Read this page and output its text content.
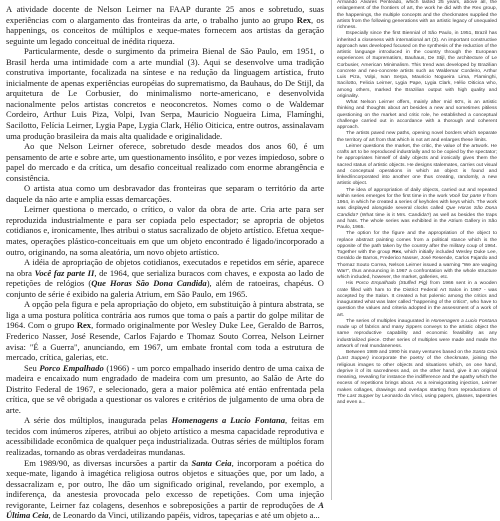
A atividade docente de Nelson Leirner na FAAP durante 25 anos e sobretudo, suas experiências com o alargamento das fronteiras da arte, o trabalho junto ao grupo Rex, os happenings, os conceitos de múltiplos e xeque-mates fornecem aos artistas da geração seguinte um legado conceitual de inédita riqueza.

Particularmente, desde o surgimento da primeira Bienal de São Paulo, em 1951, o Brasil herda uma intimidade com a arte mundial (3). Aqui se desenvolve uma tradição construtiva importante, focalizada na síntese e na redução da linguagem artística, fruto inicialmente de apenas experiências européias do suprematismo, da Bauhaus, do De Stijl, da arquitetura de Le Corbusier, do minimalismo norte-americano, e desenvolvida nacionalmente pelos artistas concretos e neoconcretos. Nomes como o de Waldemar Cordeiro, Arthur Luis Piza, Volpi, Ivan Serpa, Mauricio Nogueira Lima, Flamínghi, Sacilotto, Felícia Leirner, Lygia Pape, Lygia Clark, Hélio Oiticica, entre outros, assinalavam uma produção brasileira da mais alta qualidade e originalidade.

Ao que Nelson Leirner oferece, sobretudo desde meados dos anos 60, é um pensamento de arte e sobre arte, um questionamento insólito, e por vezes impiedoso, sobre o papel do mercado e da crítica, um desafio conceitual realizado com enorme abrangência e consistência.

O artista atua como um desbravador das fronteiras que separam o território da arte daquele da não arte e amplia essas demarcações.

Leirner questiona o mercado, o crítico, o valor da obra de arte. Cria arte para ser reproduzida industrialmente e para ser copiada pelo espectador; se apropria de objetos cotidianos e, ironicamente, lhes atribui o status sacralizado de objeto artístico. Efetua xeque-mates, operações plástico-conceituais em que um objeto encontrado é ligado/incorporado a outro, originando, na soma aleatória, um novo objeto artístico.

A idéia de apropriação de objetos cotidianos, executados e repetidos em série, aparece na obra Você faz parte II, de 1964, que serializa buracos com chaves, e exposta ao lado de repetições de relógios (Que Horas São Dona Candida), além de ratoeiras, chapéus. O conjunto de série é exibido na galeria Atrium, em São Paulo, em 1965.

A opção pela figura e pela apropriação do objeto, em substituição à pintura abstrata, se liga a uma postura política contrária aos rumos que toma o país a partir do golpe militar de 1964. Com o grupo Rex, formado originalmente por Wesley Duke Lee, Geraldo de Barros, Frederico Nasser, José Resende, Carlos Fajardo e Thomaz Souto Correa, Nelson Leirner avisa: "É a Guerra", anunciando, em 1967, um embate frontal com toda a estrutura de mercado, crítica, galerias, etc.

Seu Porco Empalhado (1966) - um porco empalhado inserido dentro de uma caixa de madeira e encaixado num engradado de madeira com um presunto, ao Salão de Arte do Distrito Federal de 1967, e selecionado, gera a maior polêmica até então enfrentada pela crítica, que se vê obrigada a questionar os valores e critérios de julgamento de uma obra de arte.

A série dos múltiplos, inaugurada pelas Homenagens a Lucio Fontana, feitas em tecidos com inúmeros zíperes, atribui ao objeto artístico a mesma capacidade reprodutiva e acessibilidade econômica de qualquer peça industrializada. Outras séries de múltiplos foram realizadas, tornando as obras verdadeiras mundanas.

Em 1989/90, as diversas incursões a partir da Santa Ceia, incorporam a poética do xeque-mate, ligando à imagética religiosa outros objetos e situações que, por um lado, a dessacralizam e, por outro, lhe dão um significado original, revelando, por exemplo, a indiferença, da anestesia provocada pelo excesso de repetições. Com uma injeção revigorante, Leirner faz colagens, desenhos e sobreposições a partir de reproduções de A Última Ceia, de Leonardo da Vinci, utilizando papéis, vidros, tapeçarias e até um objeto a...

Armando Álvares Penteado, which lasted 25 years, above all, the enlargement of the frontiers of art, the work he did with the Rex group, the happenings, the multiple concepts and the checkmates supplied the artists from the following generations with an artistic legacy of unequaled richness.

Especially since the first Biennial of São Paulo, in 1951, Brazil has inherited a closeness with international art (3). An important constructive approach was developed focused on the synthesis of the reduction of the artistic language introduced in the country through the European experiences of Suprematism, Bauhaus, De Stijl, the architecture of Le Corbusier, American Minimalism. This trend was developed by Brazilian concrete and neo-concrete artists such as Waldemar Cordeiro, Arthur Luis Piza, Volpi, Ivan Serpa, Mauricio Nogueira Lima, Flaminghi, Sacilotto, Felicia Leirner, Lygia Pape, Lygia Clark, Hélio Oiticica who, among others, marked the Brazilian output with high quality and originality.

What Nelson Leirner offers, mainly after mid 60's, is an artistic thinking and thoughts about art besides a new and sometimes pitiless questioning on the market and critic role, he established a conceptual challenge carried out in accordance with a thorough and coherent approach.

The artists paved new paths, opening novel borders which separate the territory of art from that which is not art and enlarges these limits.

Leirner questions the market, the critic, the value of the artwork. He crafts art to be reproduced industrially and to be copied by the spectator; he appropriates himself of daily objects and ironically gives them the sacred status of artistic objects. He designs stalemates, carries out visual and conceptual operations in which an object is found and linked/incorporated into another one thus creating, randomly, a new artistic object.

The idea of appropriation of daily objects, carried out and repeated within series emerges for the first time in the work Você faz parte II from 1964, in which he created a series of keyholes with keys which. The work was displayed alongside several clocks called Que Horas São Dona Candida? (What time is it Mrs. Candida?) as well as besides the traps and hats. The whole series was exhibited in the Atrium Gallery in São Paulo, 1965.

The option for the figure and the appropriation of the object to replace abstract painting comes from a political stance which is the opposite of the path taken by the country after the military coup of 1964. Together with the group Rex, which initially included Wesley Duke Lee, Geraldo de Barros, Frederico Nasser, José Resende, Carlos Fajardo and Thomaz Souto Correa, Nelson Leirner issued a warning "We are waging War!", thus announcing in 1967 a confrontation with the whole structure which included, however, the market, galleries, etc.

His Porco Empalhado (Stuffed Pig) from 1966 sent in a wooden crate filled with ham to the District Federal Art Salon in 1967 - was accepted by the Salon. It created a hot polemic among the critics and inaugurated what was later called "happening of the critics", who have to question the values and criteria adopted in the assessment of a work of art.

The series of multiples inaugurated in Homenagem a Lucio Fontana made up of fabrics and many zippers conveys to the artistic object the same reproductive capability and economic feasibility as any industrialized piece. Other series of multiples were made and made the artwork of real mundaneness.

Between 1989 and 1990 his many ventures based on the Santa Ceia (Last Supper) incorporate the poetry of the checkmate, joining the religious images to other objects and situations which, on one hand, deprive it of its sacredness and, on the other hand, give it an original meaning, revealing for instance the indifference and the apathy which the excess of repetitions brings about. As a reinvigorating injection, Leirner makes collages, drawings and overlaps starting from reproductions of The Last Supper by Leonardo da Vinci, using papers, glasses, tapestries and even a...
